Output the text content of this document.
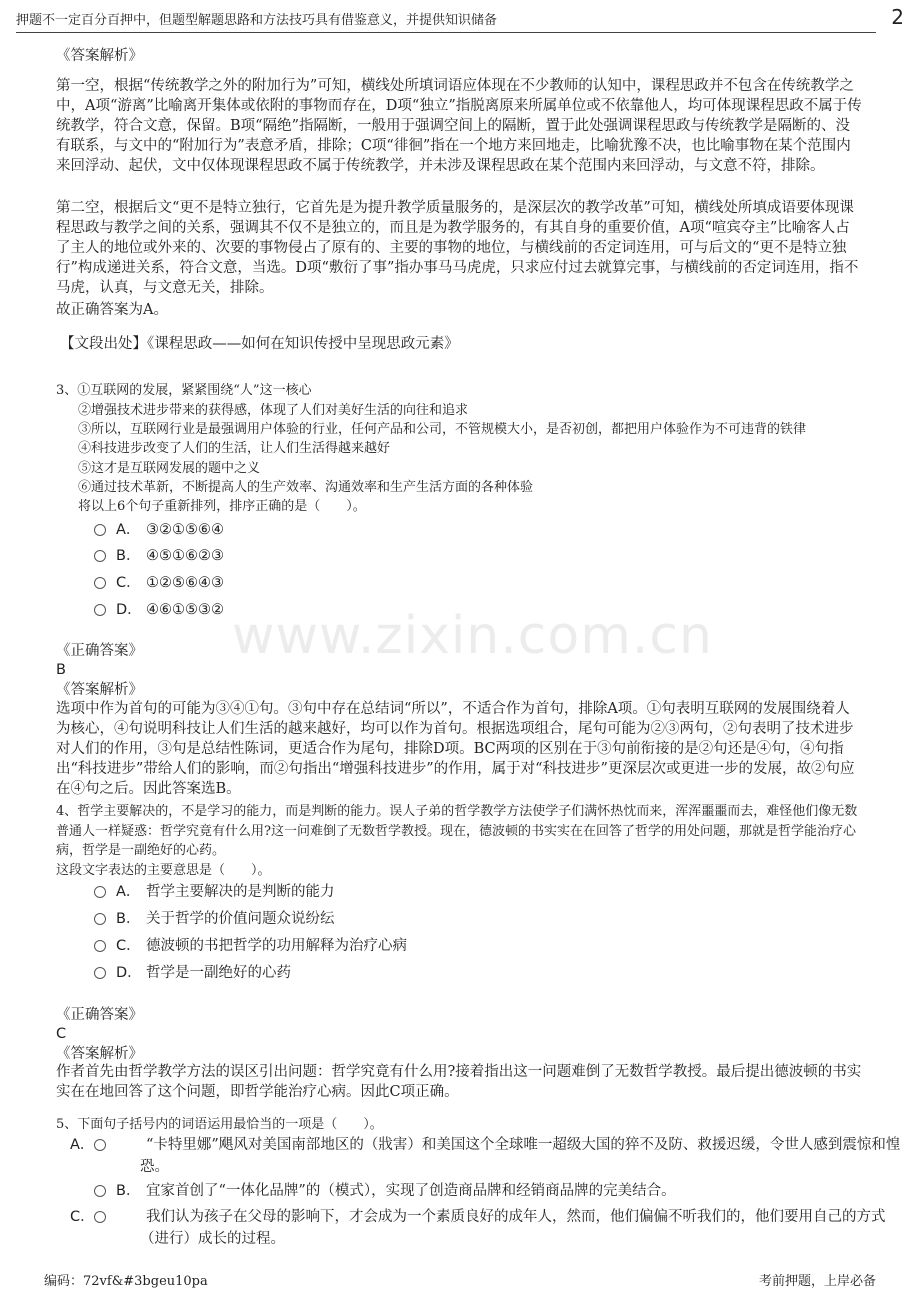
押题不一定百分百押中，但题型解题思路和方法技巧具有借鉴意义，并提供知识储备	2
www.zixin.com.cn
《答案解析》
第一空，根据“传统教学之外的附加行为”可知，横线处所填词语应体现在不少教师的认知中，课程思政并不包含在传统教学之中，A项“游离”比喻离开集体或依附的事物而存在，D项“独立”指脱离原来所属单位或不依靠他人，均可体现课程思政不属于传统教学，符合文意，保留。B项“隔绝”指隔断，一般用于强调空间上的隔断，置于此处强调课程思政与传统教学是隔断的、没有联系，与文中的“附加行为”表意矛盾，排除；C项“徘徊”指在一个地方来回地走，比喻犹豫不决，也比喻事物在某个范围内来回浮动、起伏，文中仅体现课程思政不属于传统教学，并未涉及课程思政在某个范围内来回浮动，与文意不符，排除。
第二空，根据后文“更不是特立独行，它首先是为提升教学质量服务的，是深层次的教学改革”可知，横线处所填成语要体现课程思政与教学之间的关系，强调其不仅不是独立的，而且是为教学服务的，有其自身的重要价值，A项“喧宾夺主”比喻客人占了主人的地位或外来的、次要的事物侵占了原有的、主要的事物的地位，与横线前的否定词连用，可与后文的“更不是特立独行”构成递进关系，符合文意，当选。D项“敷衍了事”指办事马马虎虎，只求应付过去就算完事，与横线前的否定词连用，指不马虎，认真，与文意无关，排除。
故正确答案为A。
【文段出处】《课程思政——如何在知识传授中呈现思政元素》
3、①互联网的发展，紧紧围绕“人”这一核心
②增强技术进步带来的获得感，体现了人们对美好生活的向往和追求
③所以，互联网行业是最强调用户体验的行业，任何产品和公司，不管规模大小，是否初创，都把用户体验作为不可违背的铁律
④科技进步改变了人们的生活，让人们生活得越来越好
⑤这才是互联网发展的题中之义
⑥通过技术革新，不断提高人的生产效率、沟通效率和生产生活方面的各种体验
将以上6个句子重新排列，排序正确的是（　　）。
A． ③②①⑤⑥④
B． ④⑤①⑥②③
C． ①②⑤⑥④③
D． ④⑥①⑤③②
《正确答案》
B
《答案解析》
选项中作为首句的可能为③④①句。③句中存在总结词“所以”，不适合作为首句，排除A项。①句表明互联网的发展围绕着人为核心，④句说明科技让人们生活的越来越好，均可以作为首句。根据选项组合，尾句可能为②③两句，②句表明了技术进步对人们的作用，③句是总结性陈词，更适合作为尾句，排除D项。BC两项的区别在于③句前衔接的是②句还是④句，④句指出“科技进步”带给人们的影响，而②句指出“增强科技进步”的作用，属于对“科技进步”更深层次或更进一步的发展，故②句应在④句之后。因此答案选B。
4、哲学主要解决的，不是学习的能力，而是判断的能力。误人子弟的哲学教学方法使学子们满怀热忱而来，浑浑噩噩而去，难怪他们像无数普通人一样疑惑：哲学究竟有什么用?这一问难倒了无数哲学教授。现在，德波顿的书实实在在回答了哲学的用处问题，那就是哲学能治疗心病，哲学是一副绝好的心药。
这段文字表达的主要意思是（　　）。
A． 哲学主要解决的是判断的能力
B． 关于哲学的价值问题众说纷纭
C． 德波顿的书把哲学的功用解释为治疗心病
D． 哲学是一副绝好的心药
《正确答案》
C
《答案解析》
作者首先由哲学教学方法的误区引出问题：哲学究竟有什么用?接着指出这一问题难倒了无数哲学教授。最后提出德波顿的书实实在在地回答了这个问题，即哲学能治疗心病。因此C项正确。
5、下面句子括号内的词语运用最恰当的一项是（　　）。
A．	“卡特里娜”飓风对美国南部地区的（戕害）和美国这个全球唯一超级大国的猝不及防、救援迟缓，令世人感到震惊和惶恐。
B． 宜家首创了“一体化品牌”的（模式），实现了创造商品牌和经销商品牌的完美结合。
C．	我们认为孩子在父母的影响下，才会成为一个素质良好的成年人，然而，他们偏偏不听我们的，他们要用自己的方式（进行）成长的过程。
编码：72vf&#3bgeu10pa	考前押题，上岸必备
